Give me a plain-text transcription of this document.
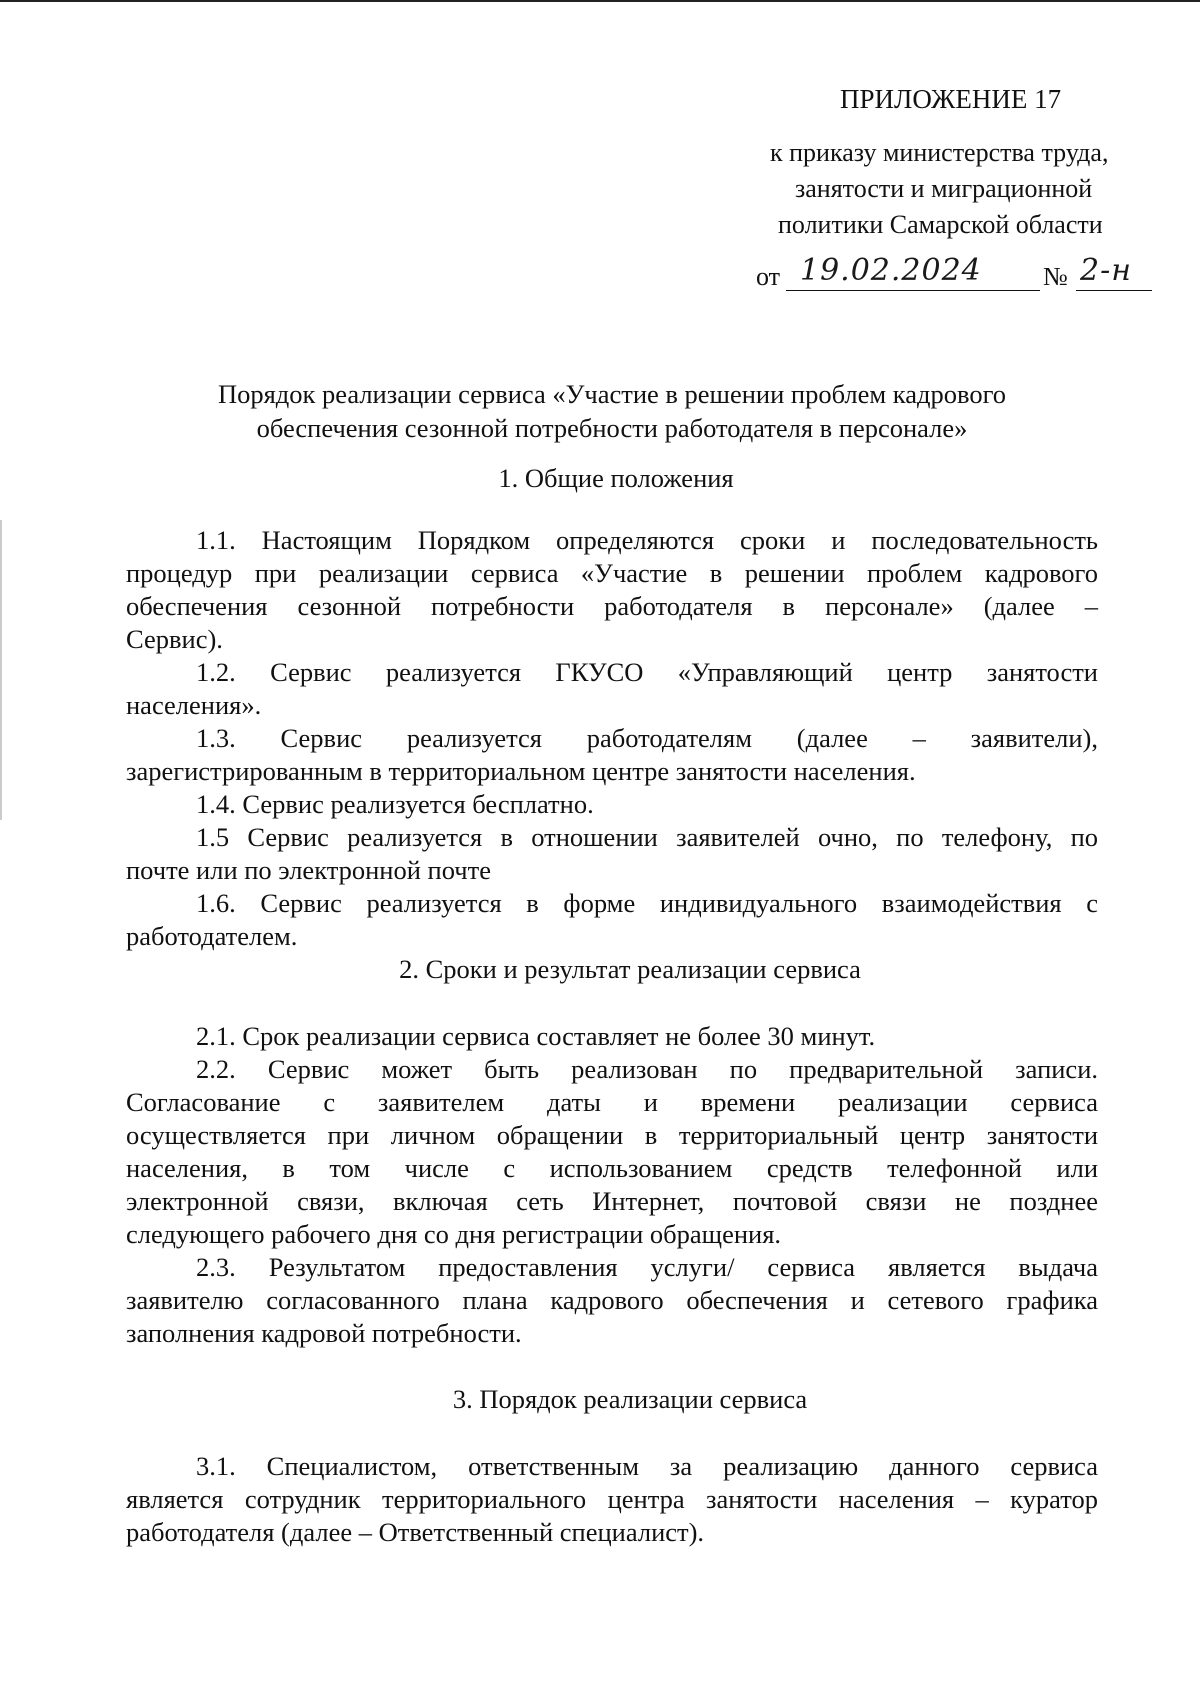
ПРИЛОЖЕНИЕ 17
к приказу министерства труда,
занятости и миграционной
политики Самарской области
от 19.02.2024 № 2-н
Порядок реализации сервиса «Участие в решении проблем кадрового
обеспечения сезонной потребности работодателя в персонале»
1. Общие положения
1.1. Настоящим Порядком определяются сроки и последовательность
процедур при реализации сервиса «Участие в решении проблем кадрового
обеспечения сезонной потребности работодателя в персонале» (далее –
Сервис).
1.2. Сервис реализуется ГКУСО «Управляющий центр занятости
населения».
1.3. Сервис реализуется работодателям (далее – заявители),
зарегистрированным в территориальном центре занятости населения.
1.4. Сервис реализуется бесплатно.
1.5 Сервис реализуется в отношении заявителей очно, по телефону, по
почте или по электронной почте
1.6. Сервис реализуется в форме индивидуального взаимодействия с
работодателем.
2. Сроки и результат реализации сервиса
2.1. Срок реализации сервиса составляет не более 30 минут.
2.2. Сервис может быть реализован по предварительной записи.
Согласование с заявителем даты и времени реализации сервиса
осуществляется при личном обращении в территориальный центр занятости
населения, в том числе с использованием средств телефонной или
электронной связи, включая сеть Интернет, почтовой связи не позднее
следующего рабочего дня со дня регистрации обращения.
2.3. Результатом предоставления услуги/ сервиса является выдача
заявителю согласованного плана кадрового обеспечения и сетевого графика
заполнения кадровой потребности.
3. Порядок реализации сервиса
3.1. Специалистом, ответственным за реализацию данного сервиса
является сотрудник территориального центра занятости населения – куратор
работодателя (далее – Ответственный специалист).
